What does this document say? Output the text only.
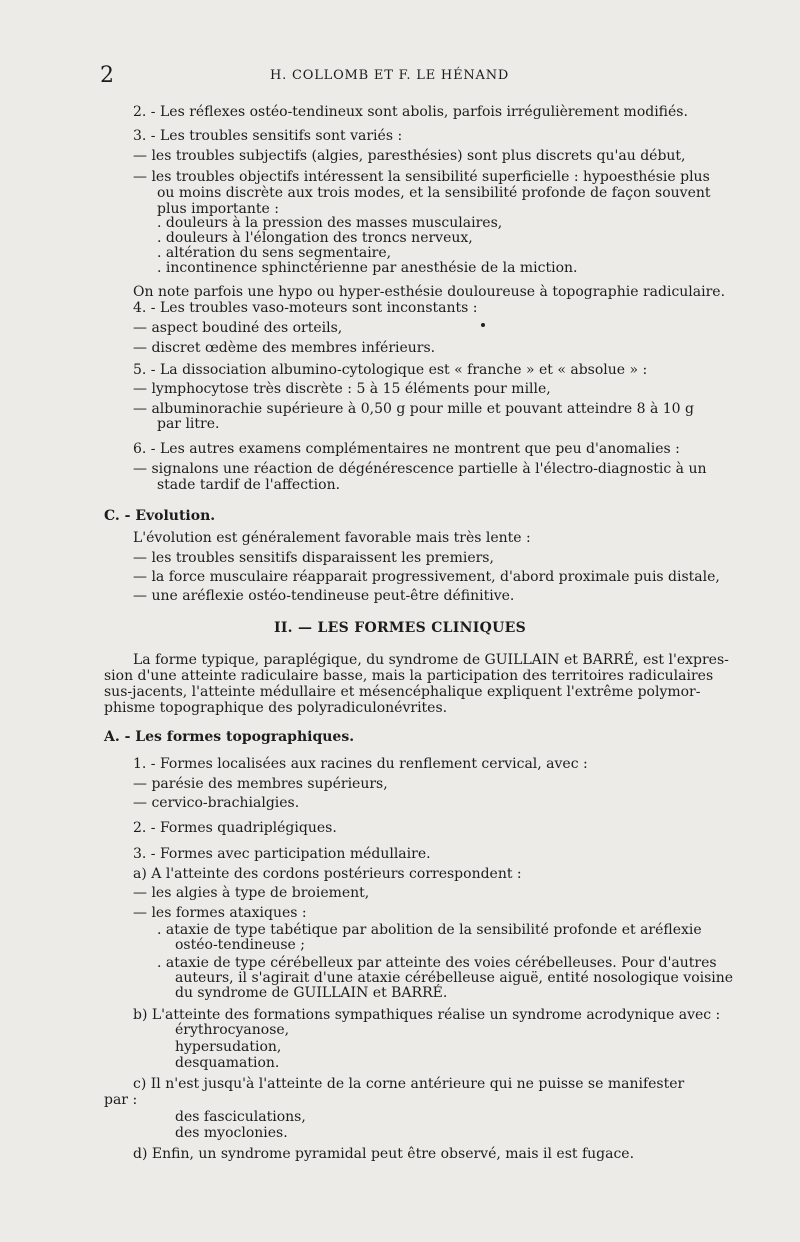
2	H. COLLOMB ET F. LE HÉNAND
2. - Les réflexes ostéo-tendineux sont abolis, parfois irrégulièrement modifiés.
3. - Les troubles sensitifs sont variés :
— les troubles subjectifs (algies, paresthésies) sont plus discrets qu'au début,
— les troubles objectifs intéressent la sensibilité superficielle : hypoesthésie plus
ou moins discrète aux trois modes, et la sensibilité profonde de façon souvent
plus importante :
. douleurs à la pression des masses musculaires,
. douleurs à l'élongation des troncs nerveux,
. altération du sens segmentaire,
. incontinence sphinctérienne par anesthésie de la miction.
On note parfois une hypo ou hyper-esthésie douloureuse à topographie radiculaire.
4. - Les troubles vaso-moteurs sont inconstants :
— aspect boudiné des orteils,
— discret œdème des membres inférieurs.
5. - La dissociation albumino-cytologique est « franche » et « absolue » :
— lymphocytose très discrète : 5 à 15 éléments pour mille,
— albuminorachie supérieure à 0,50 g pour mille et pouvant atteindre 8 à 10 g
par litre.
6. - Les autres examens complémentaires ne montrent que peu d'anomalies :
— signalons une réaction de dégénérescence partielle à l'électro-diagnostic à un
stade tardif de l'affection.
C. - Evolution.
L'évolution est généralement favorable mais très lente :
— les troubles sensitifs disparaissent les premiers,
— la force musculaire réapparait progressivement, d'abord proximale puis distale,
— une aréflexie ostéo-tendineuse peut-être définitive.
II. — LES FORMES CLINIQUES
La forme typique, paraplégique, du syndrome de GUILLAIN et BARRÉ, est l'expres-
sion d'une atteinte radiculaire basse, mais la participation des territoires radiculaires
sus-jacents, l'atteinte médullaire et mésencéphalique expliquent l'extrême polymor-
phisme topographique des polyradiculonévrites.
A. - Les formes topographiques.
1. - Formes localisées aux racines du renflement cervical, avec :
— parésie des membres supérieurs,
— cervico-brachialgies.
2. - Formes quadriplégiques.
3. - Formes avec participation médullaire.
a) A l'atteinte des cordons postérieurs correspondent :
— les algies à type de broiement,
— les formes ataxiques :
. ataxie de type tabétique par abolition de la sensibilité profonde et aréflexie
ostéo-tendineuse ;
. ataxie de type cérébelleux par atteinte des voies cérébelleuses. Pour d'autres
auteurs, il s'agirait d'une ataxie cérébelleuse aiguë, entité nosologique voisine
du syndrome de GUILLAIN et BARRÉ.
b) L'atteinte des formations sympathiques réalise un syndrome acrodynique avec :
érythrocyanose,
hypersudation,
desquamation.
c) Il n'est jusqu'à l'atteinte de la corne antérieure qui ne puisse se manifester
par :
des fasciculations,
des myoclonies.
d) Enfin, un syndrome pyramidal peut être observé, mais il est fugace.
